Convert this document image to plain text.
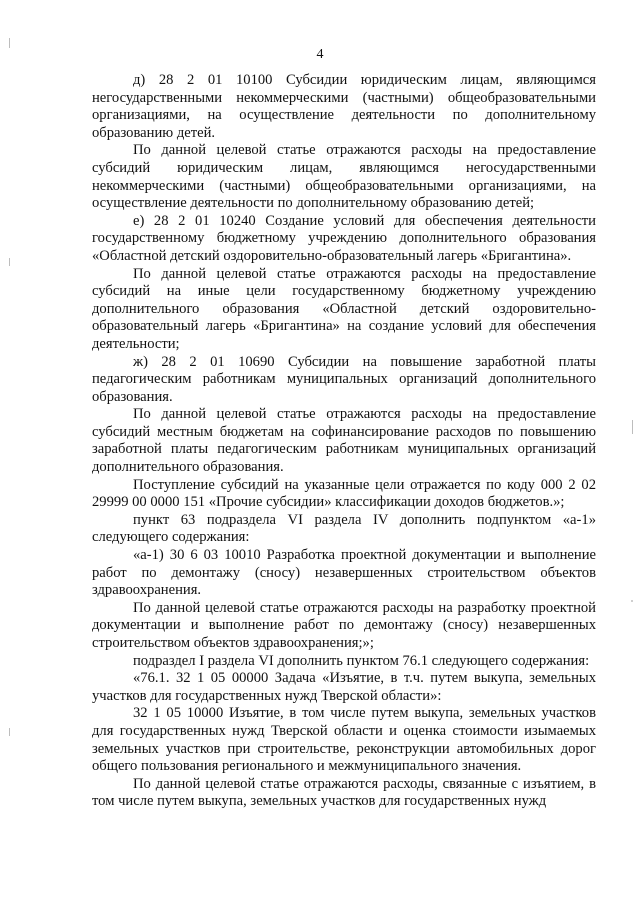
4

д) 28 2 01 10100 Субсидии юридическим лицам, являющимся негосударственными некоммерческими (частными) общеобразовательными организациями, на осуществление деятельности по дополнительному образованию детей.

По данной целевой статье отражаются расходы на предоставление субсидий юридическим лицам, являющимся негосударственными некоммерческими (частными) общеобразовательными организациями, на осуществление деятельности по дополнительному образованию детей;

е) 28 2 01 10240 Создание условий для обеспечения деятельности государственному бюджетному учреждению дополнительного образования «Областной детский оздоровительно-образовательный лагерь «Бригантина».

По данной целевой статье отражаются расходы на предоставление субсидий на иные цели государственному бюджетному учреждению дополнительного образования «Областной детский оздоровительно-образовательный лагерь «Бригантина» на создание условий для обеспечения деятельности;

ж) 28 2 01 10690 Субсидии на повышение заработной платы педагогическим работникам муниципальных организаций дополнительного образования.

По данной целевой статье отражаются расходы на предоставление субсидий местным бюджетам на софинансирование расходов по повышению заработной платы педагогическим работникам муниципальных организаций дополнительного образования.

Поступление субсидий на указанные цели отражается по коду 000 2 02 29999 00 0000 151 «Прочие субсидии» классификации доходов бюджетов.»;

пункт 63 подраздела VI раздела IV дополнить подпунктом «а-1» следующего содержания:

«а-1) 30 6 03 10010 Разработка проектной документации и выполнение работ по демонтажу (сносу) незавершенных строительством объектов здравоохранения.

По данной целевой статье отражаются расходы на разработку проектной документации и выполнение работ по демонтажу (сносу) незавершенных строительством объектов здравоохранения;»;

подраздел I раздела VI дополнить пунктом 76.1 следующего содержания:

«76.1. 32 1 05 00000 Задача «Изъятие, в т.ч. путем выкупа, земельных участков для государственных нужд Тверской области»:

32 1 05 10000 Изъятие, в том числе путем выкупа, земельных участков для государственных нужд Тверской области и оценка стоимости изымаемых земельных участков при строительстве, реконструкции автомобильных дорог общего пользования регионального и межмуниципального значения.

По данной целевой статье отражаются расходы, связанные с изъятием, в том числе путем выкупа, земельных участков для государственных нужд
